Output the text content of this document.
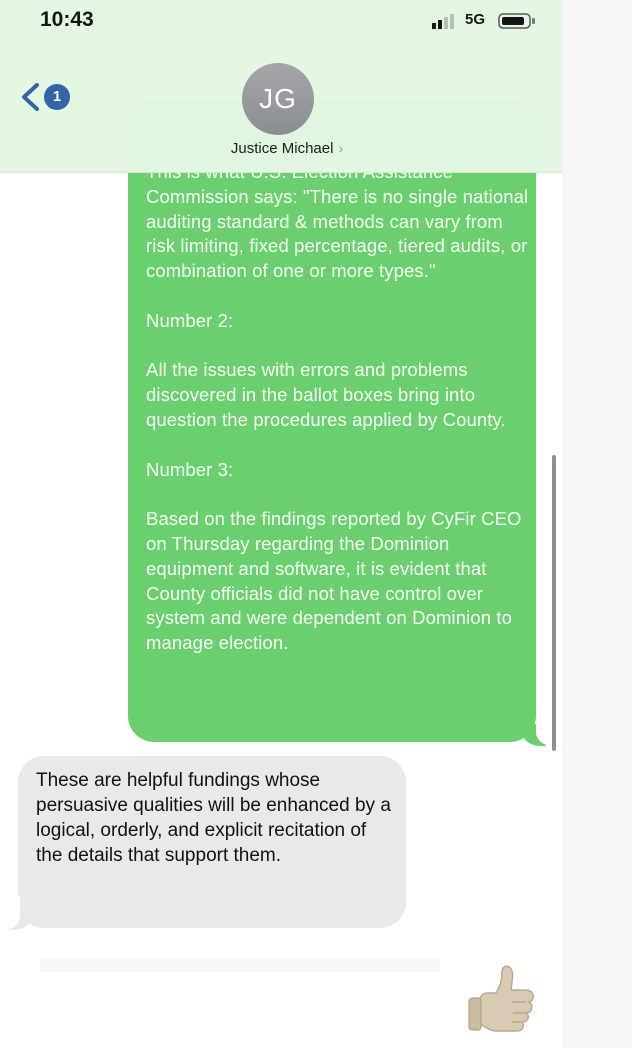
Commission says: "There is no single national auditing standard & methods can vary from risk limiting, fixed percentage, tiered audits, or combination of one or more types."

Number 2:

All the issues with errors and problems discovered in the ballot boxes bring into question the procedures applied by County.

Number 3:

Based on the findings reported by CyFir CEO on Thursday regarding the Dominion equipment and software, it is evident that County officials did not have control over system and were dependent on Dominion to manage election.

These are helpful fundings whose persuasive qualities will be enhanced by a logical, orderly, and explicit recitation of the details that support them.

10:43	5G
1	JG
Justice Michael ›
